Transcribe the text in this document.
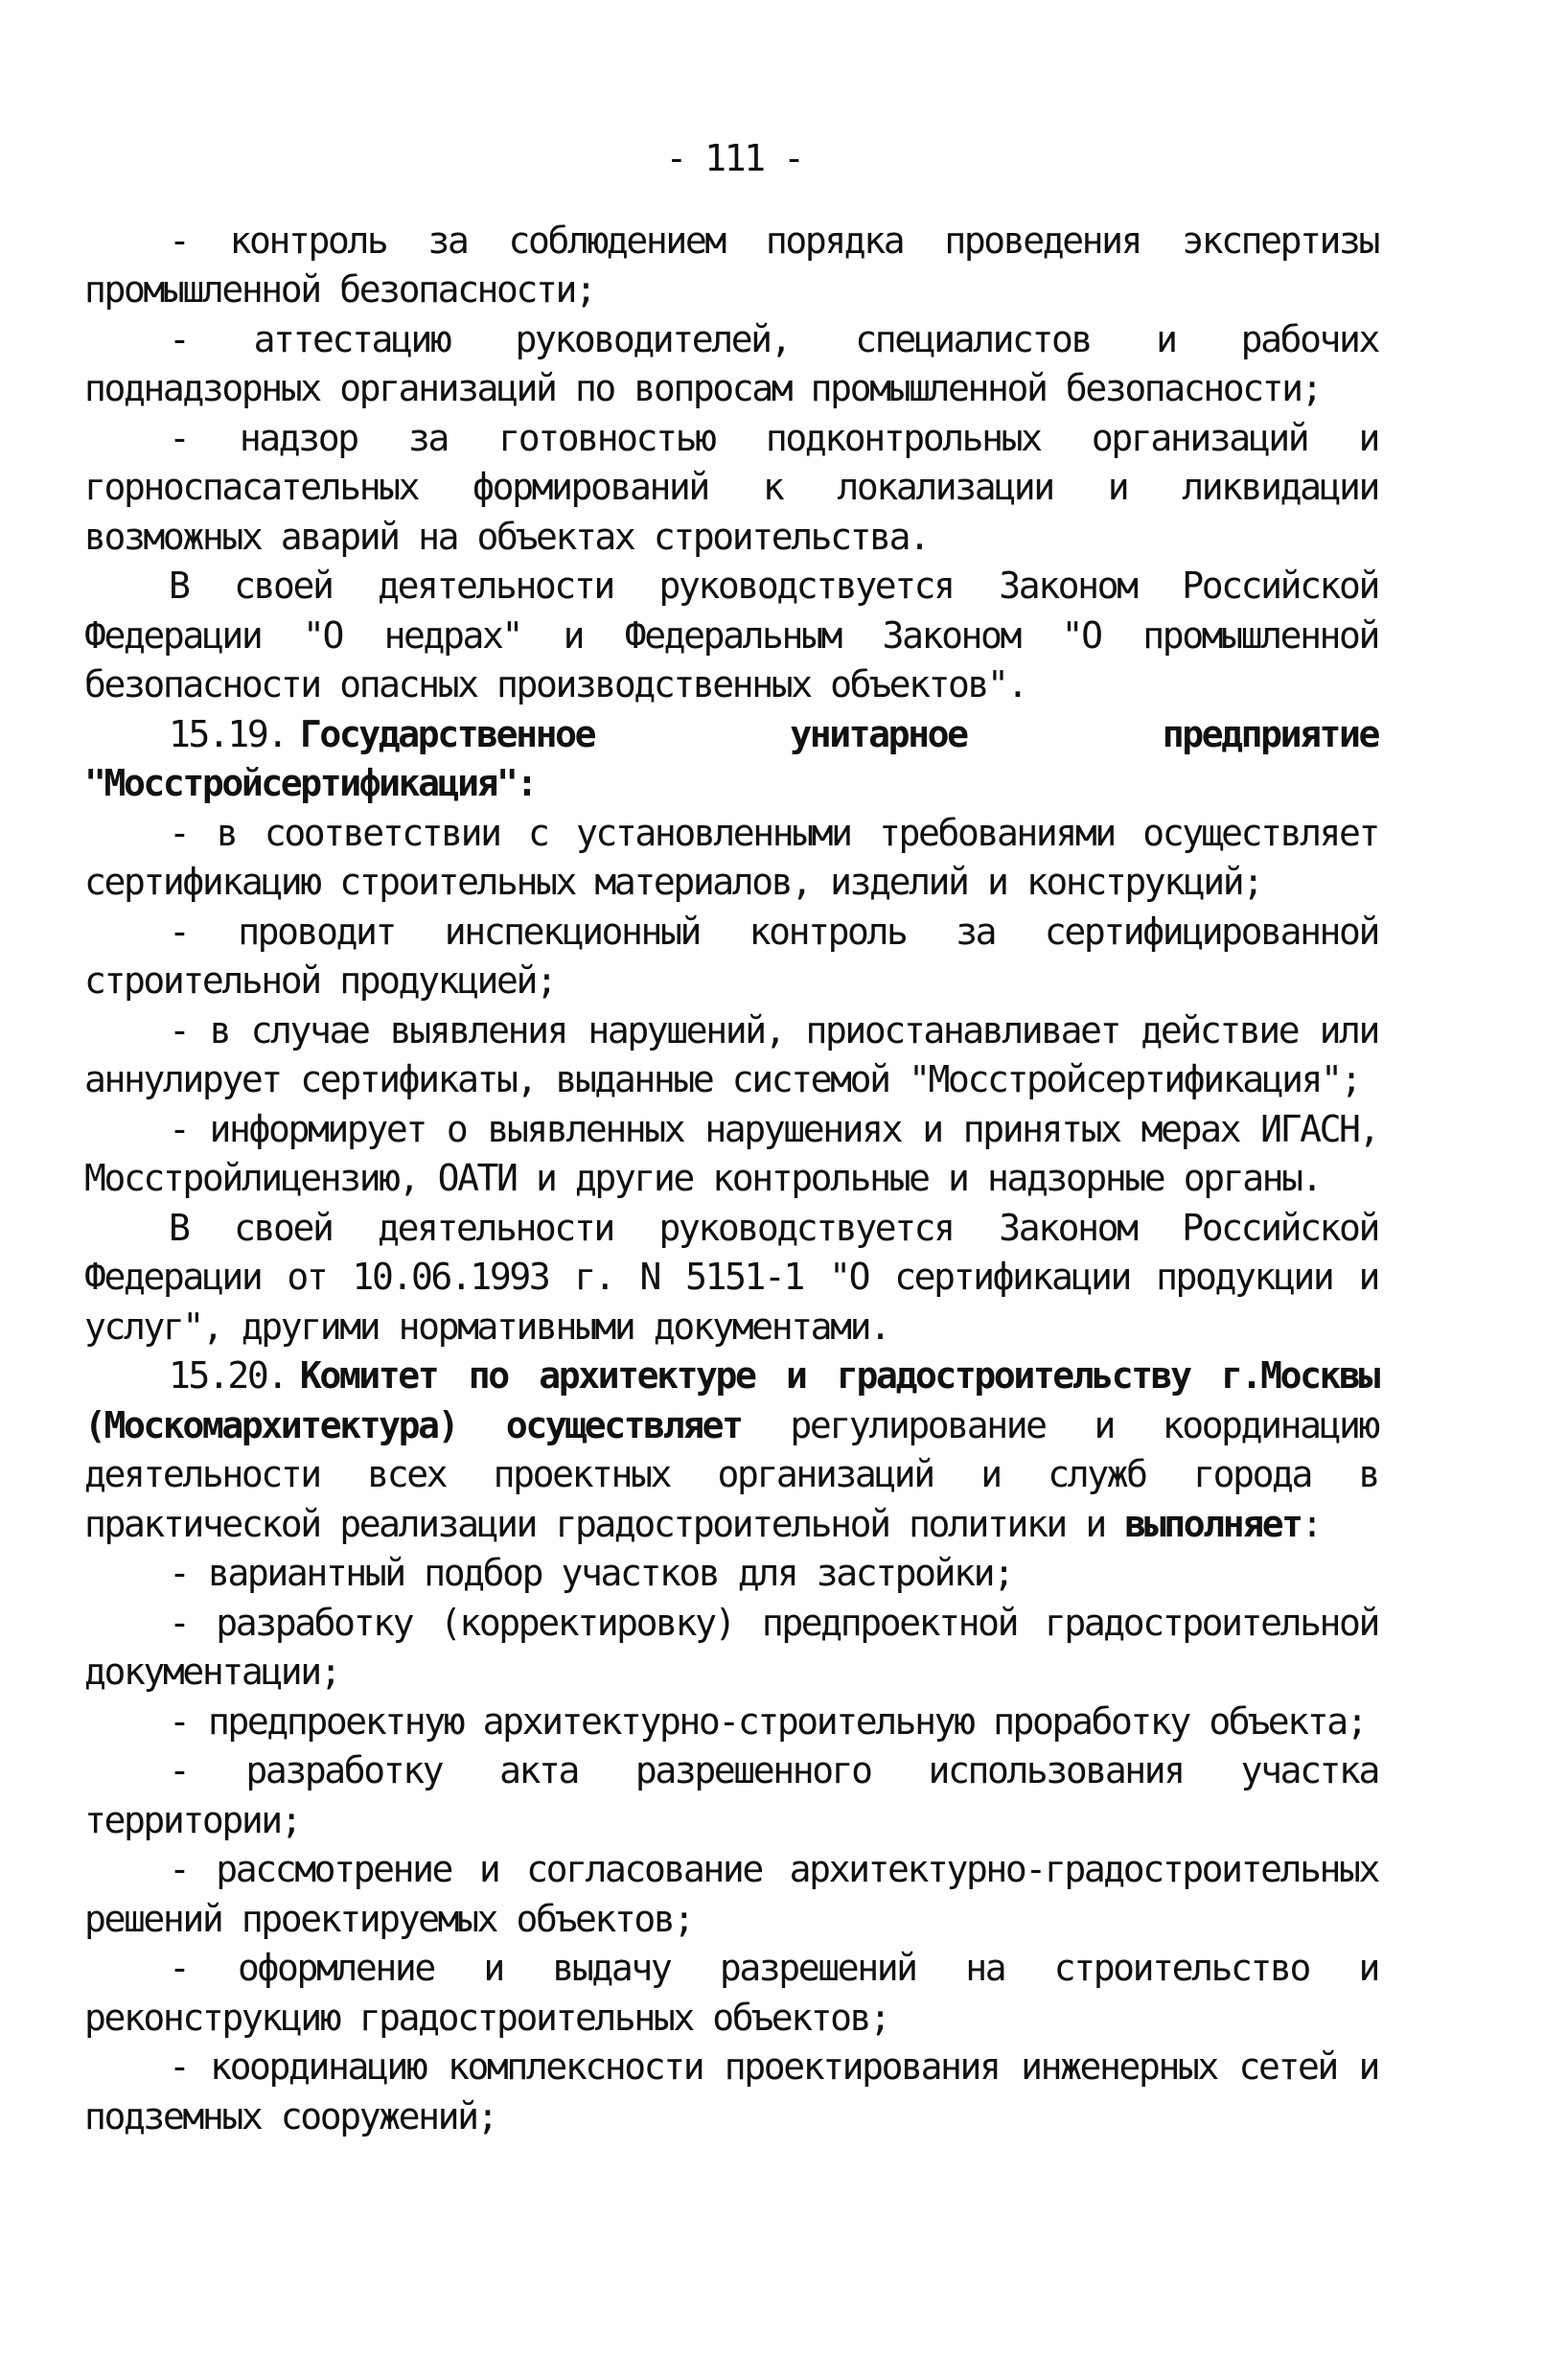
- 111 -

- контроль за соблюдением порядка проведения экспертизы промышленной безопасности;

- аттестацию руководителей, специалистов и рабочих поднадзорных организаций по вопросам промышленной безопасности;

- надзор за готовностью подконтрольных организаций и горноспасательных формирований к локализации и ликвидации возможных аварий на объектах строительства.

В своей деятельности руководствуется Законом Российской Федерации "О недрах" и Федеральным Законом "О промышленной безопасности опасных производственных объектов".

15.19. Государственное унитарное предприятие "Мосстройсертификация":

- в соответствии с установленными требованиями осуществляет сертификацию строительных материалов, изделий и конструкций;

- проводит инспекционный контроль за сертифицированной строительной продукцией;

- в случае выявления нарушений, приостанавливает действие или аннулирует сертификаты, выданные системой "Мосстройсертификация";

- информирует о выявленных нарушениях и принятых мерах ИГАСН, Мосстройлицензию, ОАТИ и другие контрольные и надзорные органы.

В своей деятельности руководствуется Законом Российской Федерации от 10.06.1993 г. N 5151-1 "О сертификации продукции и услуг", другими нормативными документами.

15.20. Комитет по архитектуре и градостроительству г.Москвы (Москомархитектура) осуществляет регулирование и координацию деятельности всех проектных организаций и служб города в практической реализации градостроительной политики и выполняет:

- вариантный подбор участков для застройки;

- разработку (корректировку) предпроектной градостроительной документации;

- предпроектную архитектурно-строительную проработку объекта;

- разработку акта разрешенного использования участка территории;

- рассмотрение и согласование архитектурно-градостроительных решений проектируемых объектов;

- оформление и выдачу разрешений на строительство и реконструкцию градостроительных объектов;

- координацию комплексности проектирования инженерных сетей и подземных сооружений;
